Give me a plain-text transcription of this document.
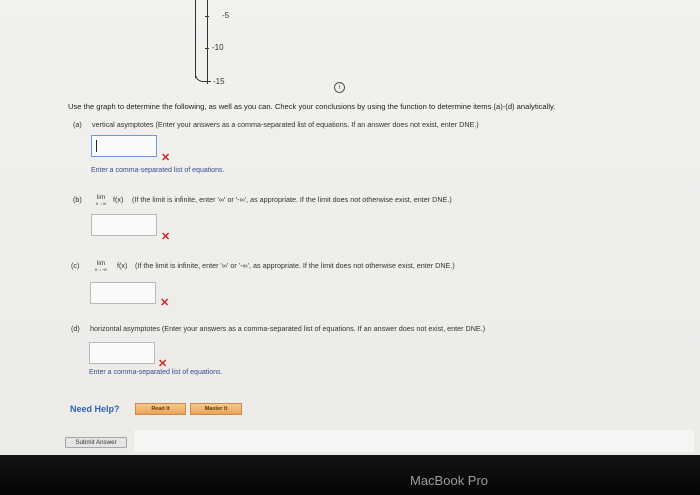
-5
-10
-15
i
Use the graph to determine the following, as well as you can. Check your conclusions by using the function to determine items (a)-(d) analytically.
(a) vertical asymptotes (Enter your answers as a comma-separated list of equations. If an answer does not exist, enter DNE.)
✕
Enter a comma-separated list of equations.
(b)	lim
x→∞
f(x) (If the limit is infinite, enter '∞' or '-∞', as appropriate. If the limit does not otherwise exist, enter DNE.)
✕
(c)	lim
x→-∞
f(x) (If the limit is infinite, enter '∞' or '-∞', as appropriate. If the limit does not otherwise exist, enter DNE.)
✕
(d) horizontal asymptotes (Enter your answers as a comma-separated list of equations. If an answer does not exist, enter DNE.)
✕
Enter a comma-separated list of equations.
Need Help?	Read It	Master It
Submit Answer
MacBook Pro
